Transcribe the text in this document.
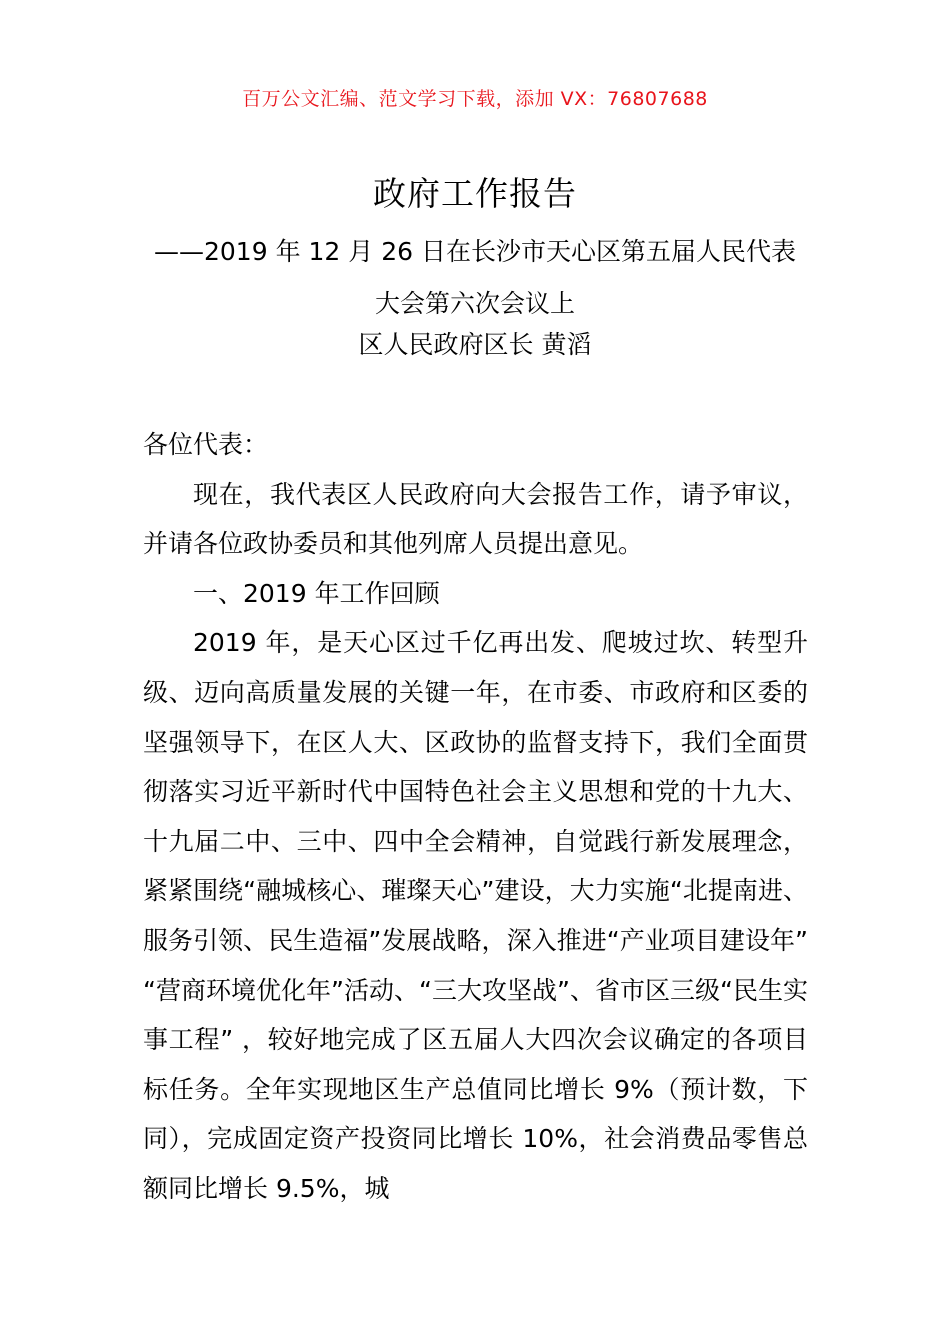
百万公文汇编、范文学习下载，添加 VX：76807688
政府工作报告
——2019 年 12 月 26 日在长沙市天心区第五届人民代表大会第六次会议上
区人民政府区长 黄滔

各位代表：

现在，我代表区人民政府向大会报告工作，请予审议，并请各位政协委员和其他列席人员提出意见。

一、2019 年工作回顾

2019 年，是天心区过千亿再出发、爬坡过坎、转型升级、迈向高质量发展的关键一年，在市委、市政府和区委的坚强领导下，在区人大、区政协的监督支持下，我们全面贯彻落实习近平新时代中国特色社会主义思想和党的十九大、十九届二中、三中、四中全会精神，自觉践行新发展理念，紧紧围绕“融城核心、璀璨天心”建设，大力实施“北提南进、服务引领、民生造福”发展战略，深入推进“产业项目建设年” “营商环境优化年”活动、“三大攻坚战”、省市区三级“民生实事工程” ，较好地完成了区五届人大四次会议确定的各项目标任务。全年实现地区生产总值同比增长 9%（预计数，下同），完成固定资产投资同比增长 10%，社会消费品零售总额同比增长 9.5%，城
